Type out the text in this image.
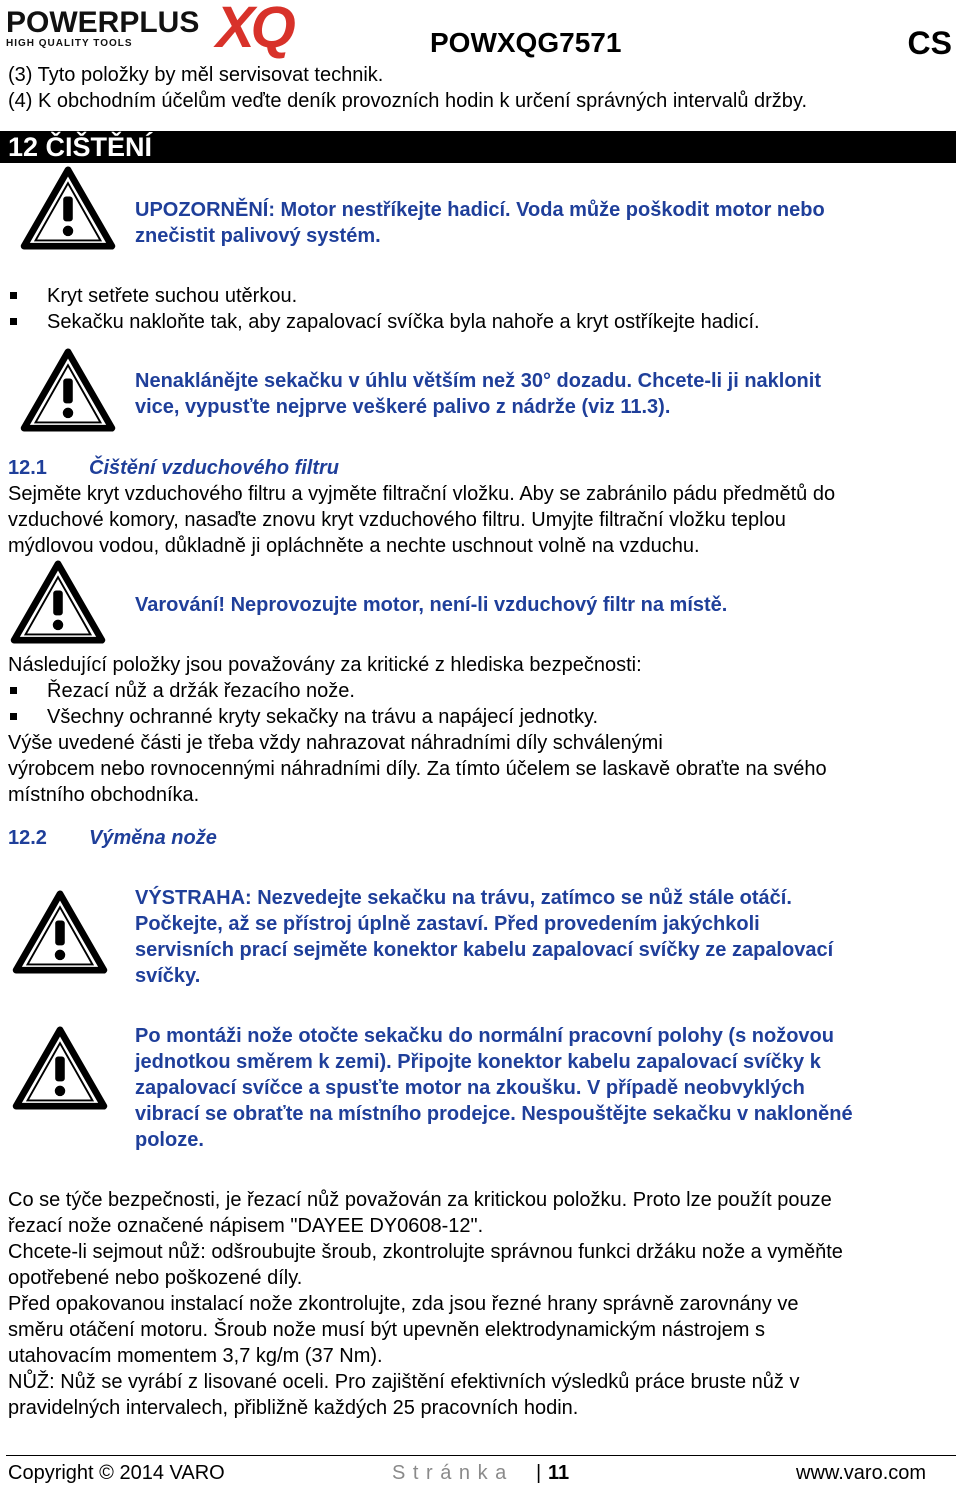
POWERPLUS
HIGH QUALITY TOOLS XQ	POWXQG7571	CS
(3) Tyto položky by měl servisovat technik.
(4) K obchodním účelům veďte deník provozních hodin k určení správných intervalů držby.
12 ČIŠTĚNÍ
UPOZORNĚNÍ: Motor nestříkejte hadicí. Voda může poškodit motor nebo
znečistit palivový systém.
Kryt setřete suchou utěrkou.
Sekačku nakloňte tak, aby zapalovací svíčka byla nahoře a kryt ostříkejte hadicí.
Nenaklánějte sekačku v úhlu větším než 30° dozadu. Chcete-li ji naklonit
vice, vypusťte nejprve veškeré palivo z nádrže (viz 11.3).
12.1 Čištění vzduchového filtru
Sejměte kryt vzduchového filtru a vyjměte filtrační vložku. Aby se zabránilo pádu předmětů do
vzduchové komory, nasaďte znovu kryt vzduchového filtru. Umyjte filtrační vložku teplou
mýdlovou vodou, důkladně ji opláchněte a nechte uschnout volně na vzduchu.
Varování! Neprovozujte motor, není-li vzduchový filtr na místě.
Následující položky jsou považovány za kritické z hlediska bezpečnosti:
Řezací nůž a držák řezacího nože.
Všechny ochranné kryty sekačky na trávu a napájecí jednotky.
Výše uvedené části je třeba vždy nahrazovat náhradními díly schválenými
výrobcem nebo rovnocennými náhradními díly. Za tímto účelem se laskavě obraťte na svého
místního obchodníka.
12.2 Výměna nože
VÝSTRAHA: Nezvedejte sekačku na trávu, zatímco se nůž stále otáčí.
Počkejte, až se přístroj úplně zastaví. Před provedením jakýchkoli
servisních prací sejměte konektor kabelu zapalovací svíčky ze zapalovací
svíčky.
Po montáži nože otočte sekačku do normální pracovní polohy (s nožovou
jednotkou směrem k zemi). Připojte konektor kabelu zapalovací svíčky k
zapalovací svíčce a spusťte motor na zkoušku. V případě neobvyklých
vibrací se obraťte na místního prodejce. Nespouštějte sekačku v nakloněné
poloze.
Co se týče bezpečnosti, je řezací nůž považován za kritickou položku. Proto lze použít pouze
řezací nože označené nápisem "DAYEE DY0608-12".
Chcete-li sejmout nůž: odšroubujte šroub, zkontrolujte správnou funkci držáku nože a vyměňte
opotřebené nebo poškozené díly.
Před opakovanou instalací nože zkontrolujte, zda jsou řezné hrany správně zarovnány ve
směru otáčení motoru. Šroub nože musí být upevněn elektrodynamickým nástrojem s
utahovacím momentem 3,7 kg/m (37 Nm).
NŮŽ: Nůž se vyrábí z lisované oceli. Pro zajištění efektivních výsledků práce bruste nůž v
pravidelných intervalech, přibližně každých 25 pracovních hodin.
Copyright © 2014 VARO	S t r á n k a | 11	www.varo.com
